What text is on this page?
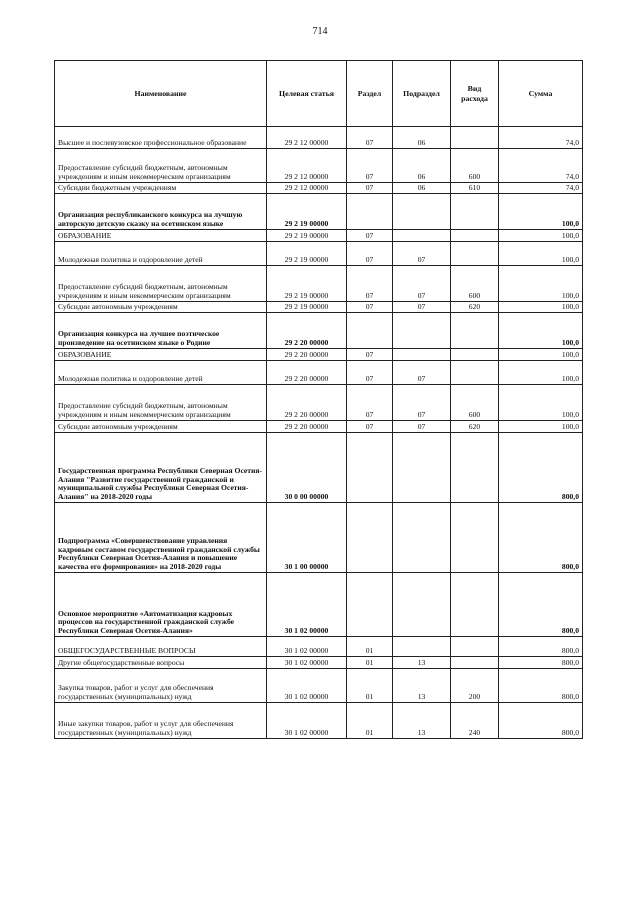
714
Наименование	Целевая статья	Раздел	Подраздел	Вид расхода	Сумма
Высшее и послевузовское профессиональное образование	29 2 12 00000	07	06		74,0
Предоставление субсидий бюджетным, автономным учреждениям и иным некоммерческим организациям	29 2 12 00000	07	06	600	74,0
Субсидии бюджетным учреждениям	29 2 12 00000	07	06	610	74,0
Организация республиканского конкурса на лучшую авторскую детскую сказку на осетинском языке	29 2 19 00000				100,0
ОБРАЗОВАНИЕ	29 2 19 00000	07			100,0
Молодежная политика и оздоровление детей	29 2 19 00000	07	07		100,0
Предоставление субсидий бюджетным, автономным учреждениям и иным некоммерческим организациям	29 2 19 00000	07	07	600	100,0
Субсидии автономным учреждениям	29 2 19 00000	07	07	620	100,0
Организация конкурса на лучшее поэтическое произведение на осетинском языке о Родине	29 2 20 00000				100,0
ОБРАЗОВАНИЕ	29 2 20 00000	07			100,0
Молодежная политика и оздоровление детей	29 2 20 00000	07	07		100,0
Предоставление субсидий бюджетным, автономным учреждениям и иным некоммерческим организациям	29 2 20 00000	07	07	600	100,0
Субсидии автономным учреждениям	29 2 20 00000	07	07	620	100,0
Государственная программа Республики Северная Осетия-Алания "Развитие государственной гражданской и муниципальной службы Республики Северная Осетия-Алания" на 2018-2020 годы	30 0 00 00000				800,0
Подпрограмма «Совершенствование управления кадровым составом государственной гражданской службы Республики Северная Осетия-Алания и повышение качества его формирования» на 2018-2020 годы	30 1 00 00000				800,0
Основное мероприятие «Автоматизация кадровых процессов на государственной гражданской службе Республики Северная Осетия-Алания»	30 1 02 00000				800,0
ОБЩЕГОСУДАРСТВЕННЫЕ ВОПРОСЫ	30 1 02 00000	01			800,0
Другие общегосударственные вопросы	30 1 02 00000	01	13		800,0
Закупка товаров, работ и услуг для обеспечения государственных (муниципальных) нужд	30 1 02 00000	01	13	200	800,0
Иные закупки товаров, работ и услуг для обеспечения государственных (муниципальных) нужд	30 1 02 00000	01	13	240	800,0
